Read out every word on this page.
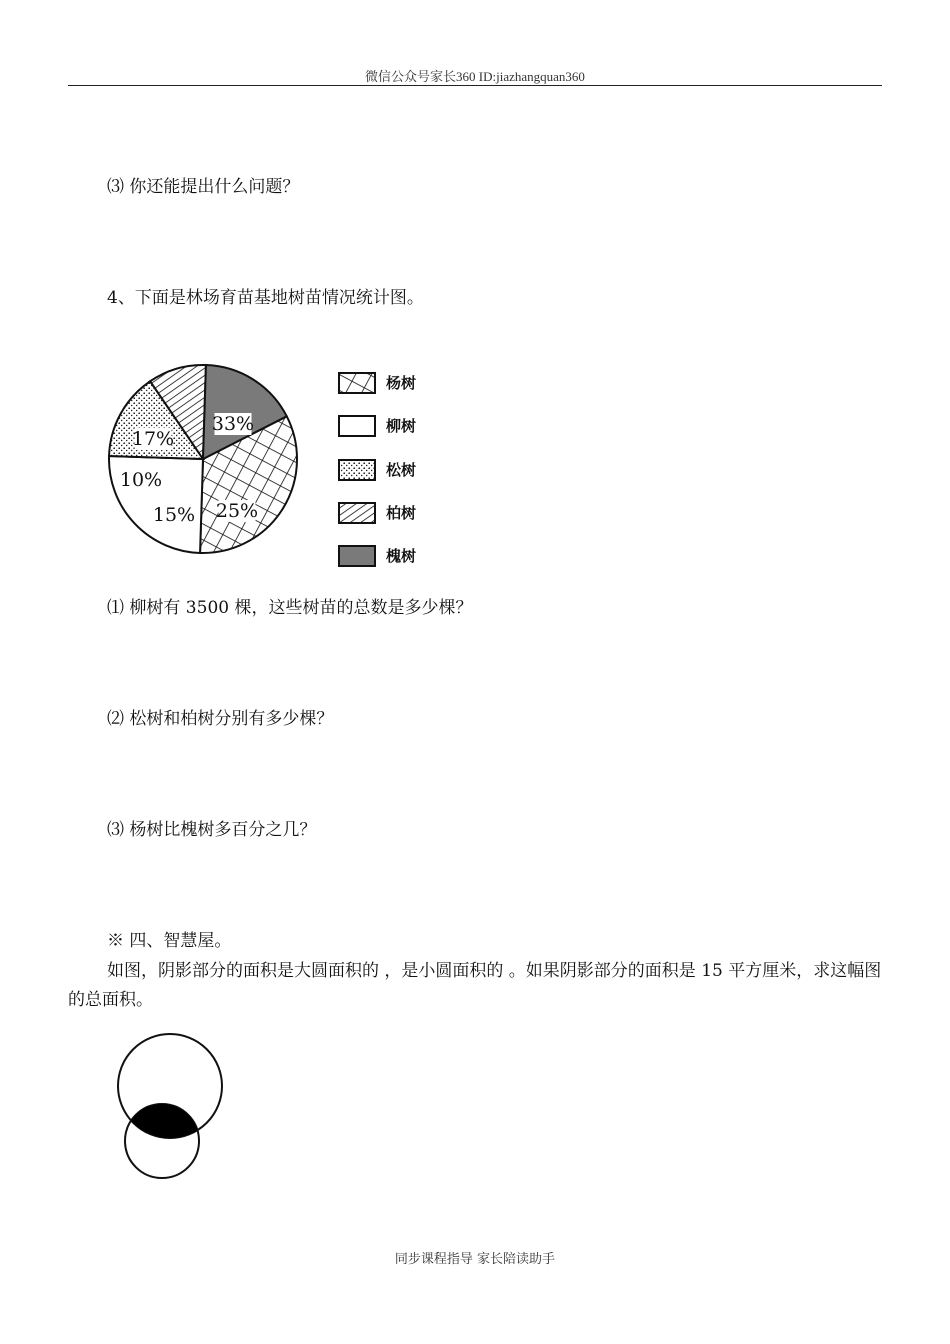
微信公众号家长360 ID:jiazhangquan360
⑶ 你还能提出什么问题？
4、下面是林场育苗基地树苗情况统计图。
33%
25%
15%
10%
17%
杨树
柳树
松树
柏树
槐树
⑴ 柳树有 3500 棵，这些树苗的总数是多少棵？
⑵ 松树和柏树分别有多少棵？
⑶ 杨树比槐树多百分之几？
※ 四、智慧屋。
如图，阴影部分的面积是大圆面积的 ，是小圆面积的 。如果阴影部分的面积是 15 平方厘米，求这幅图的总面积。
同步课程指导 家长陪读助手
